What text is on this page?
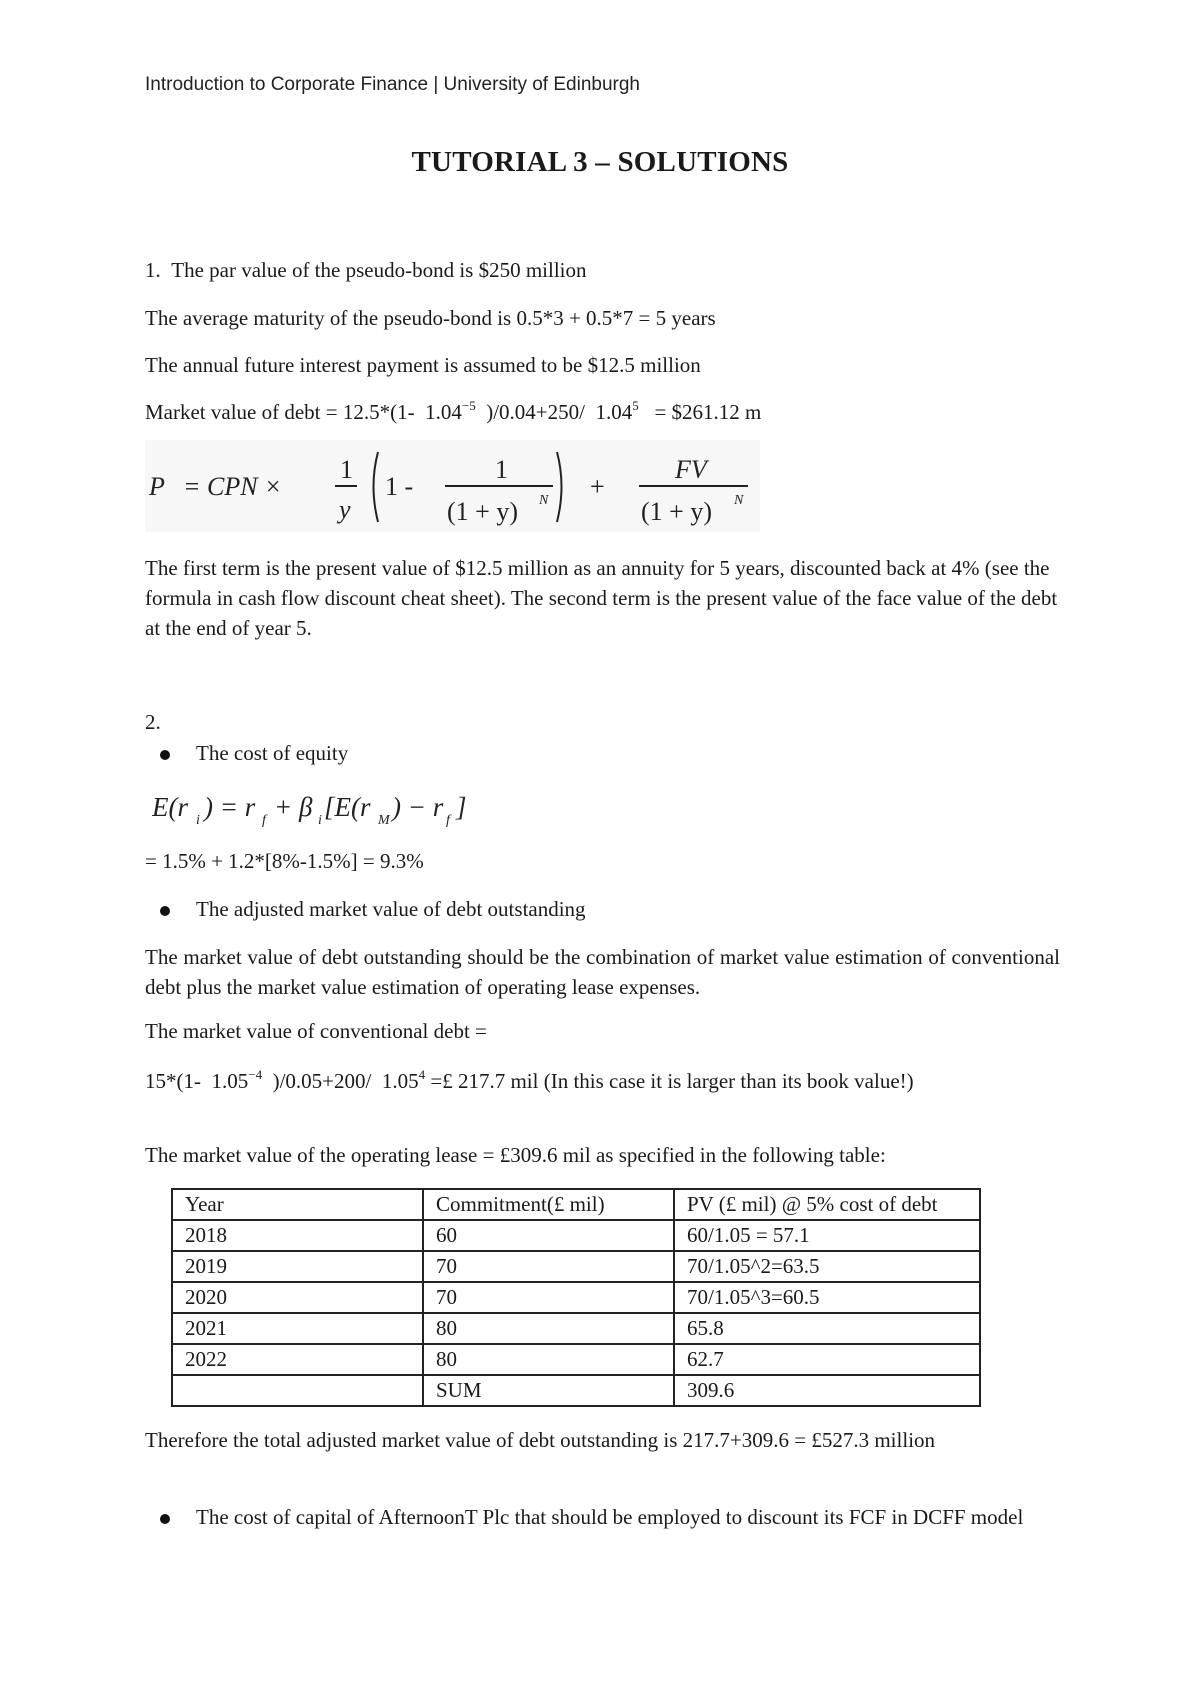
Introduction to Corporate Finance | University of Edinburgh
TUTORIAL 3 – SOLUTIONS
1. The par value of the pseudo-bond is $250 million
The average maturity of the pseudo-bond is 0.5*3 + 0.5*7 = 5 years
The annual future interest payment is assumed to be $12.5 million
Market value of debt = 12.5*(1- $1.04^{-5}$ )/0.04+250/ $1.04^5$ = $261.12 m
P = CPN ×
1
y
1 -
1
(1 + y) N +
FV
(1 + y) N
The first term is the present value of $12.5 million as an annuity for 5 years, discounted back at 4% (see the formula in cash flow discount cheat sheet). The second term is the present value of the face value of the debt at the end of year 5.
2.
The cost of equity
E(r i ) = r f + β i [E(r M ) − r f ]
= 1.5% + 1.2*[8%-1.5%] = 9.3%
The adjusted market value of debt outstanding
The market value of debt outstanding should be the combination of market value estimation of conventional debt plus the market value estimation of operating lease expenses.
The market value of conventional debt =
15*(1- $1.05^{-4}$ )/0.05+200/ $1.05^4$ =£ 217.7 mil (In this case it is larger than its book value!)
The market value of the operating lease = £309.6 mil as specified in the following table:
Year	Commitment(£ mil)	PV (£ mil) @ 5% cost of debt
2018	60	60/1.05 = 57.1
2019	70	70/1.05^2=63.5
2020	70	70/1.05^3=60.5
2021	80	65.8
2022	80	62.7
	SUM	309.6
Therefore the total adjusted market value of debt outstanding is 217.7+309.6 = £527.3 million
The cost of capital of AfternoonT Plc that should be employed to discount its FCF in DCFF model
